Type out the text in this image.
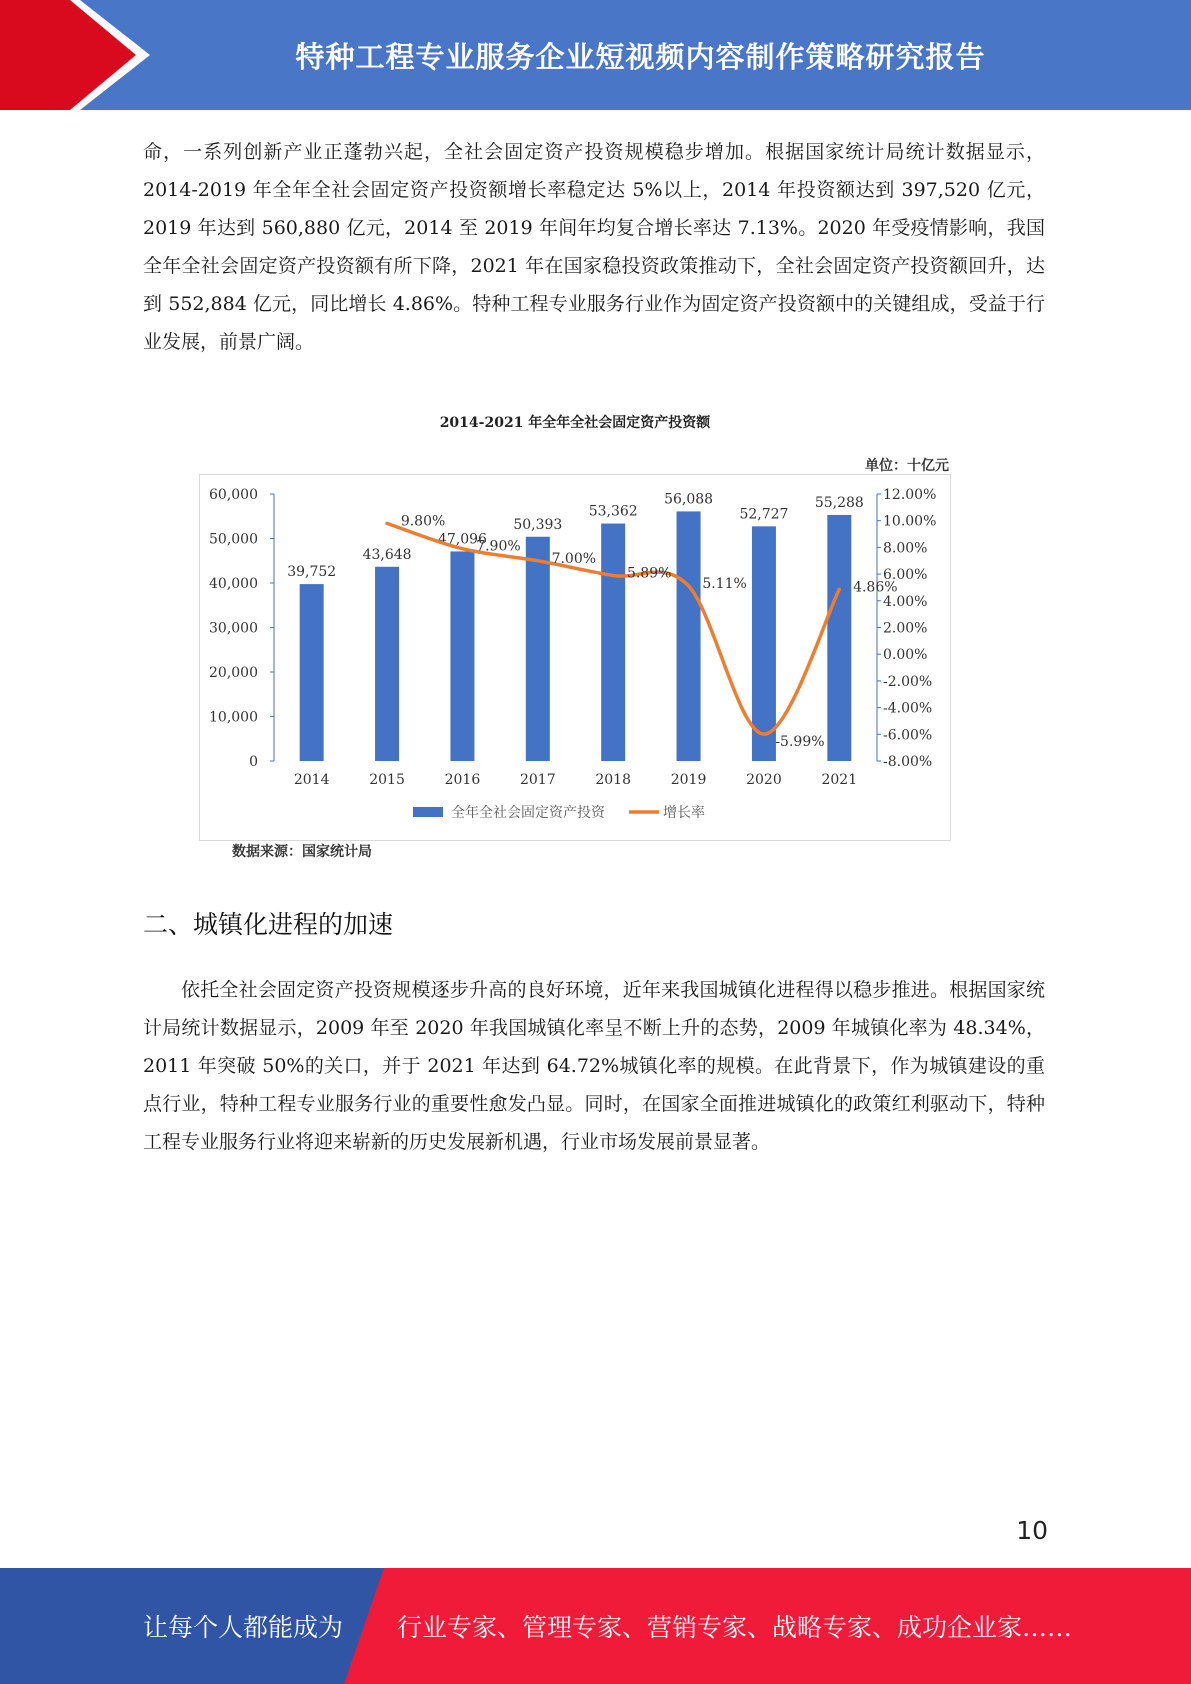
特种工程专业服务企业短视频内容制作策略研究报告
命，一系列创新产业正蓬勃兴起，全社会固定资产投资规模稳步增加。根据国家统计局统计数据显示，2014-2019 年全年全社会固定资产投资额增长率稳定达 5%以上，2014 年投资额达到 397,520 亿元，2019 年达到 560,880 亿元，2014 至 2019 年间年均复合增长率达 7.13%。2020 年受疫情影响，我国全年全社会固定资产投资额有所下降，2021 年在国家稳投资政策推动下，全社会固定资产投资额回升，达到 552,884 亿元，同比增长 4.86%。特种工程专业服务行业作为固定资产投资额中的关键组成，受益于行业发展，前景广阔。
2014-2021 年全年全社会固定资产投资额
单位：十亿元
0
10,000
20,000
30,000
40,000
50,000
60,000
-8.00%
-6.00%
-4.00%
-2.00%
0.00%
2.00%
4.00%
6.00%
8.00%
10.00%
12.00%
39,752
43,648
47,096
50,393
53,362
56,088
52,727
55,288
2014	2015	2016	2017	2018	2019	2020	2021
9.80%
7.90%
7.00%
5.89%
5.11%
-5.99%
4.86%
全年全社会固定资产投资	增长率
数据来源：国家统计局
二、城镇化进程的加速
依托全社会固定资产投资规模逐步升高的良好环境，近年来我国城镇化进程得以稳步推进。根据国家统计局统计数据显示，2009 年至 2020 年我国城镇化率呈不断上升的态势，2009 年城镇化率为 48.34%，2011 年突破 50%的关口，并于 2021 年达到 64.72%城镇化率的规模。在此背景下，作为城镇建设的重点行业，特种工程专业服务行业的重要性愈发凸显。同时，在国家全面推进城镇化的政策红利驱动下，特种工程专业服务行业将迎来崭新的历史发展新机遇，行业市场发展前景显著。
10
让每个人都能成为 行业专家、管理专家、营销专家、战略专家、成功企业家……
